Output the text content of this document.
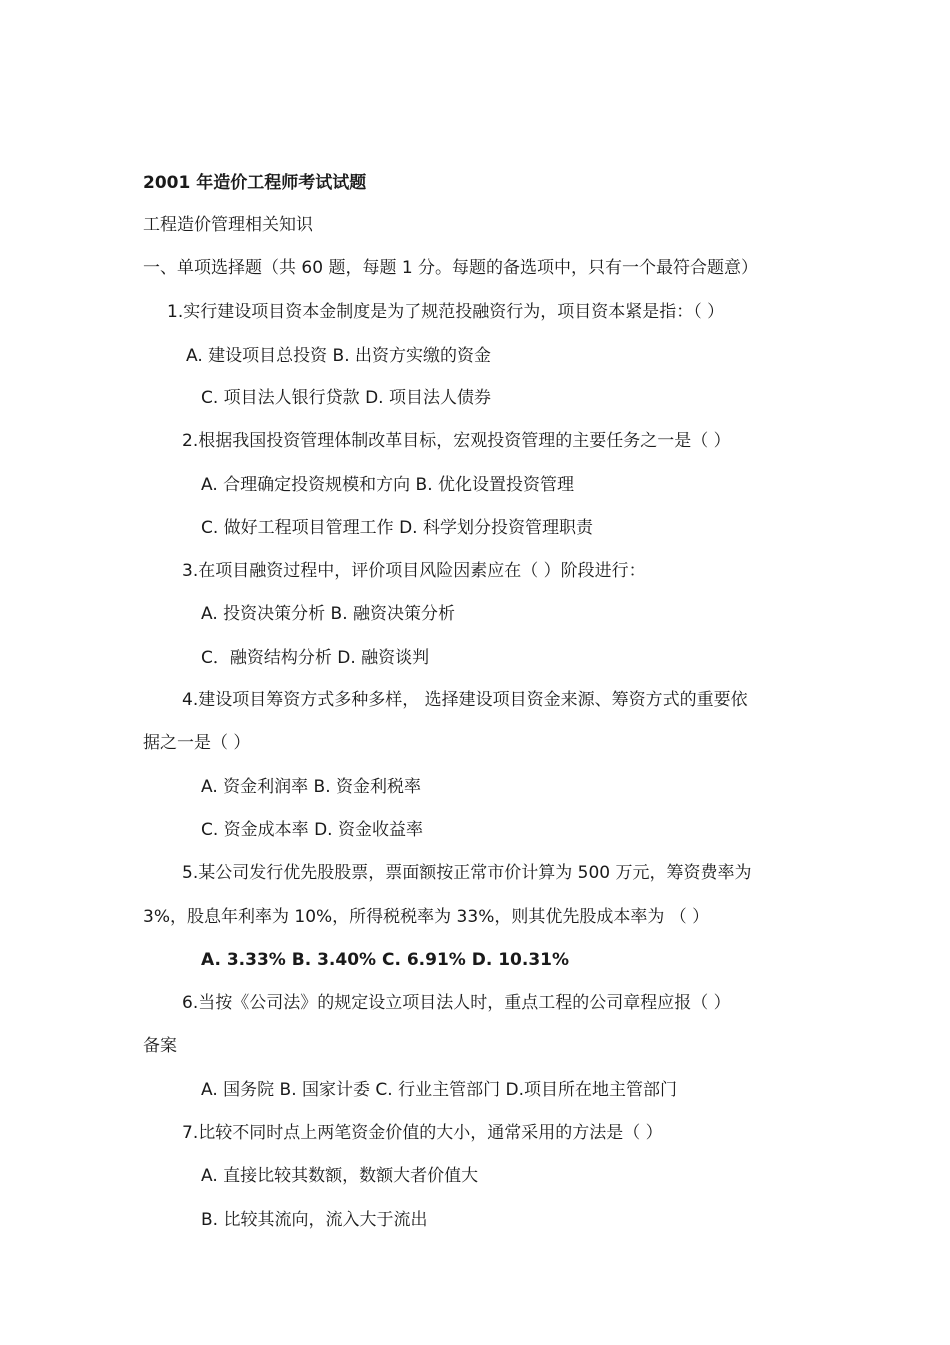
2001 年造价工程师考试试题

工程造价管理相关知识

一、单项选择题（共 60 题，每题 1 分。每题的备选项中，只有一个最符合题意）

1.实行建设项目资本金制度是为了规范投融资行为，项目资本紧是指：（ ）

A. 建设项目总投资 B. 出资方实缴的资金

C. 项目法人银行贷款 D. 项目法人债券

2.根据我国投资管理体制改革目标，宏观投资管理的主要任务之一是（ ）

A. 合理确定投资规模和方向 B. 优化设置投资管理

C. 做好工程项目管理工作 D. 科学划分投资管理职责

3.在项目融资过程中，评价项目风险因素应在（ ）阶段进行：

A. 投资决策分析 B. 融资决策分析

C．融资结构分析 D. 融资谈判

4.建设项目筹资方式多种多样， 选择建设项目资金来源、筹资方式的重要依

据之一是（ ）

A. 资金利润率 B. 资金利税率

C. 资金成本率 D. 资金收益率

5.某公司发行优先股股票，票面额按正常市价计算为 500 万元，筹资费率为

3%，股息年利率为 10%，所得税税率为 33%，则其优先股成本率为 （ ）

A. 3.33% B. 3.40% C. 6.91% D. 10.31%

6.当按《公司法》的规定设立项目法人时，重点工程的公司章程应报（ ）

备案

A. 国务院 B. 国家计委 C. 行业主管部门 D.项目所在地主管部门

7.比较不同时点上两笔资金价值的大小，通常采用的方法是（ ）

A. 直接比较其数额，数额大者价值大

B. 比较其流向，流入大于流出
